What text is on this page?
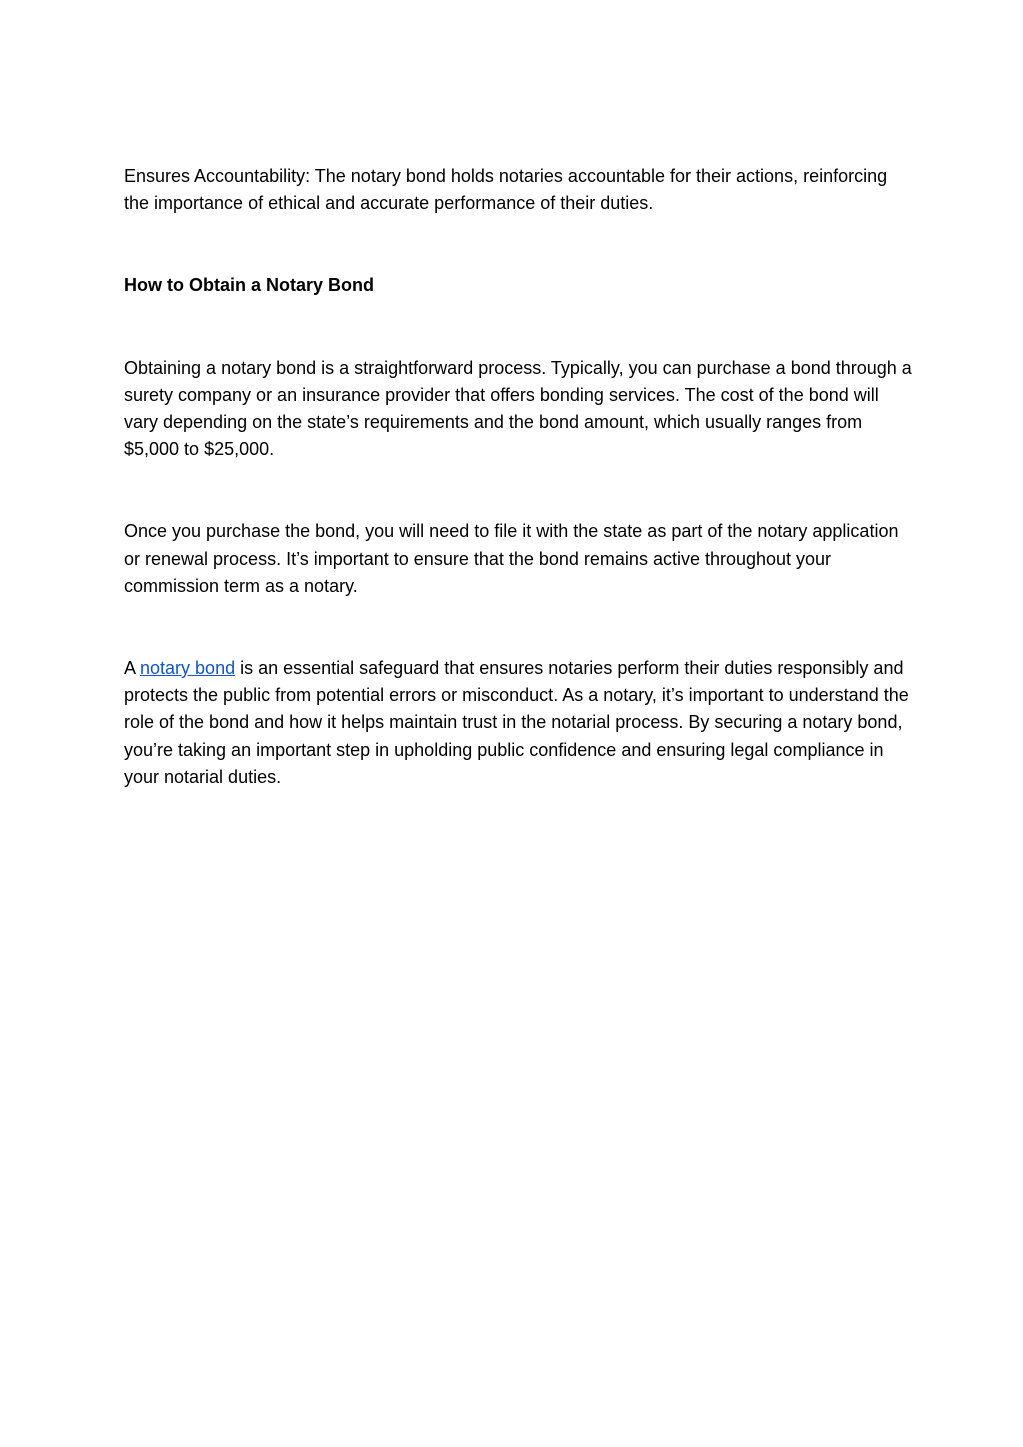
Ensures Accountability: The notary bond holds notaries accountable for their actions, reinforcing the importance of ethical and accurate performance of their duties.

How to Obtain a Notary Bond

Obtaining a notary bond is a straightforward process. Typically, you can purchase a bond through a surety company or an insurance provider that offers bonding services. The cost of the bond will vary depending on the state’s requirements and the bond amount, which usually ranges from $5,000 to $25,000.

Once you purchase the bond, you will need to file it with the state as part of the notary application or renewal process. It’s important to ensure that the bond remains active throughout your commission term as a notary.

A notary bond is an essential safeguard that ensures notaries perform their duties responsibly and protects the public from potential errors or misconduct. As a notary, it’s important to understand the role of the bond and how it helps maintain trust in the notarial process. By securing a notary bond, you’re taking an important step in upholding public confidence and ensuring legal compliance in your notarial duties.
